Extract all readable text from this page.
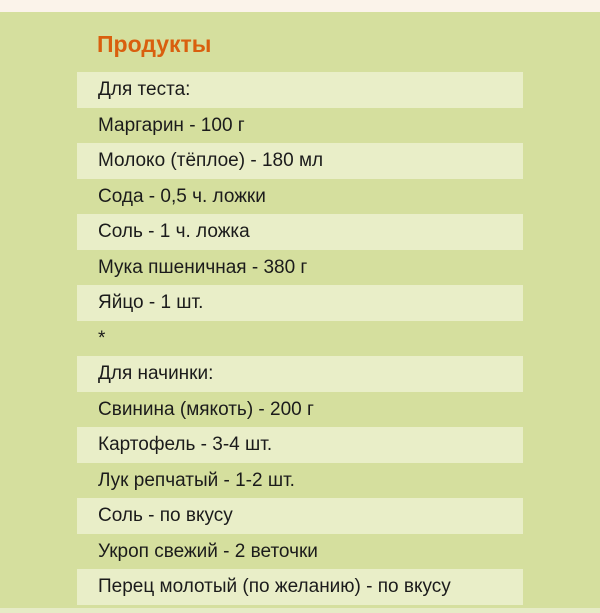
Продукты
Для теста:
Маргарин - 100 г
Молоко (тёплое) - 180 мл
Сода - 0,5 ч. ложки
Соль - 1 ч. ложка
Мука пшеничная - 380 г
Яйцо - 1 шт.
*
Для начинки:
Свинина (мякоть) - 200 г
Картофель - 3-4 шт.
Лук репчатый - 1-2 шт.
Соль - по вкусу
Укроп свежий - 2 веточки
Перец молотый (по желанию) - по вкусу
